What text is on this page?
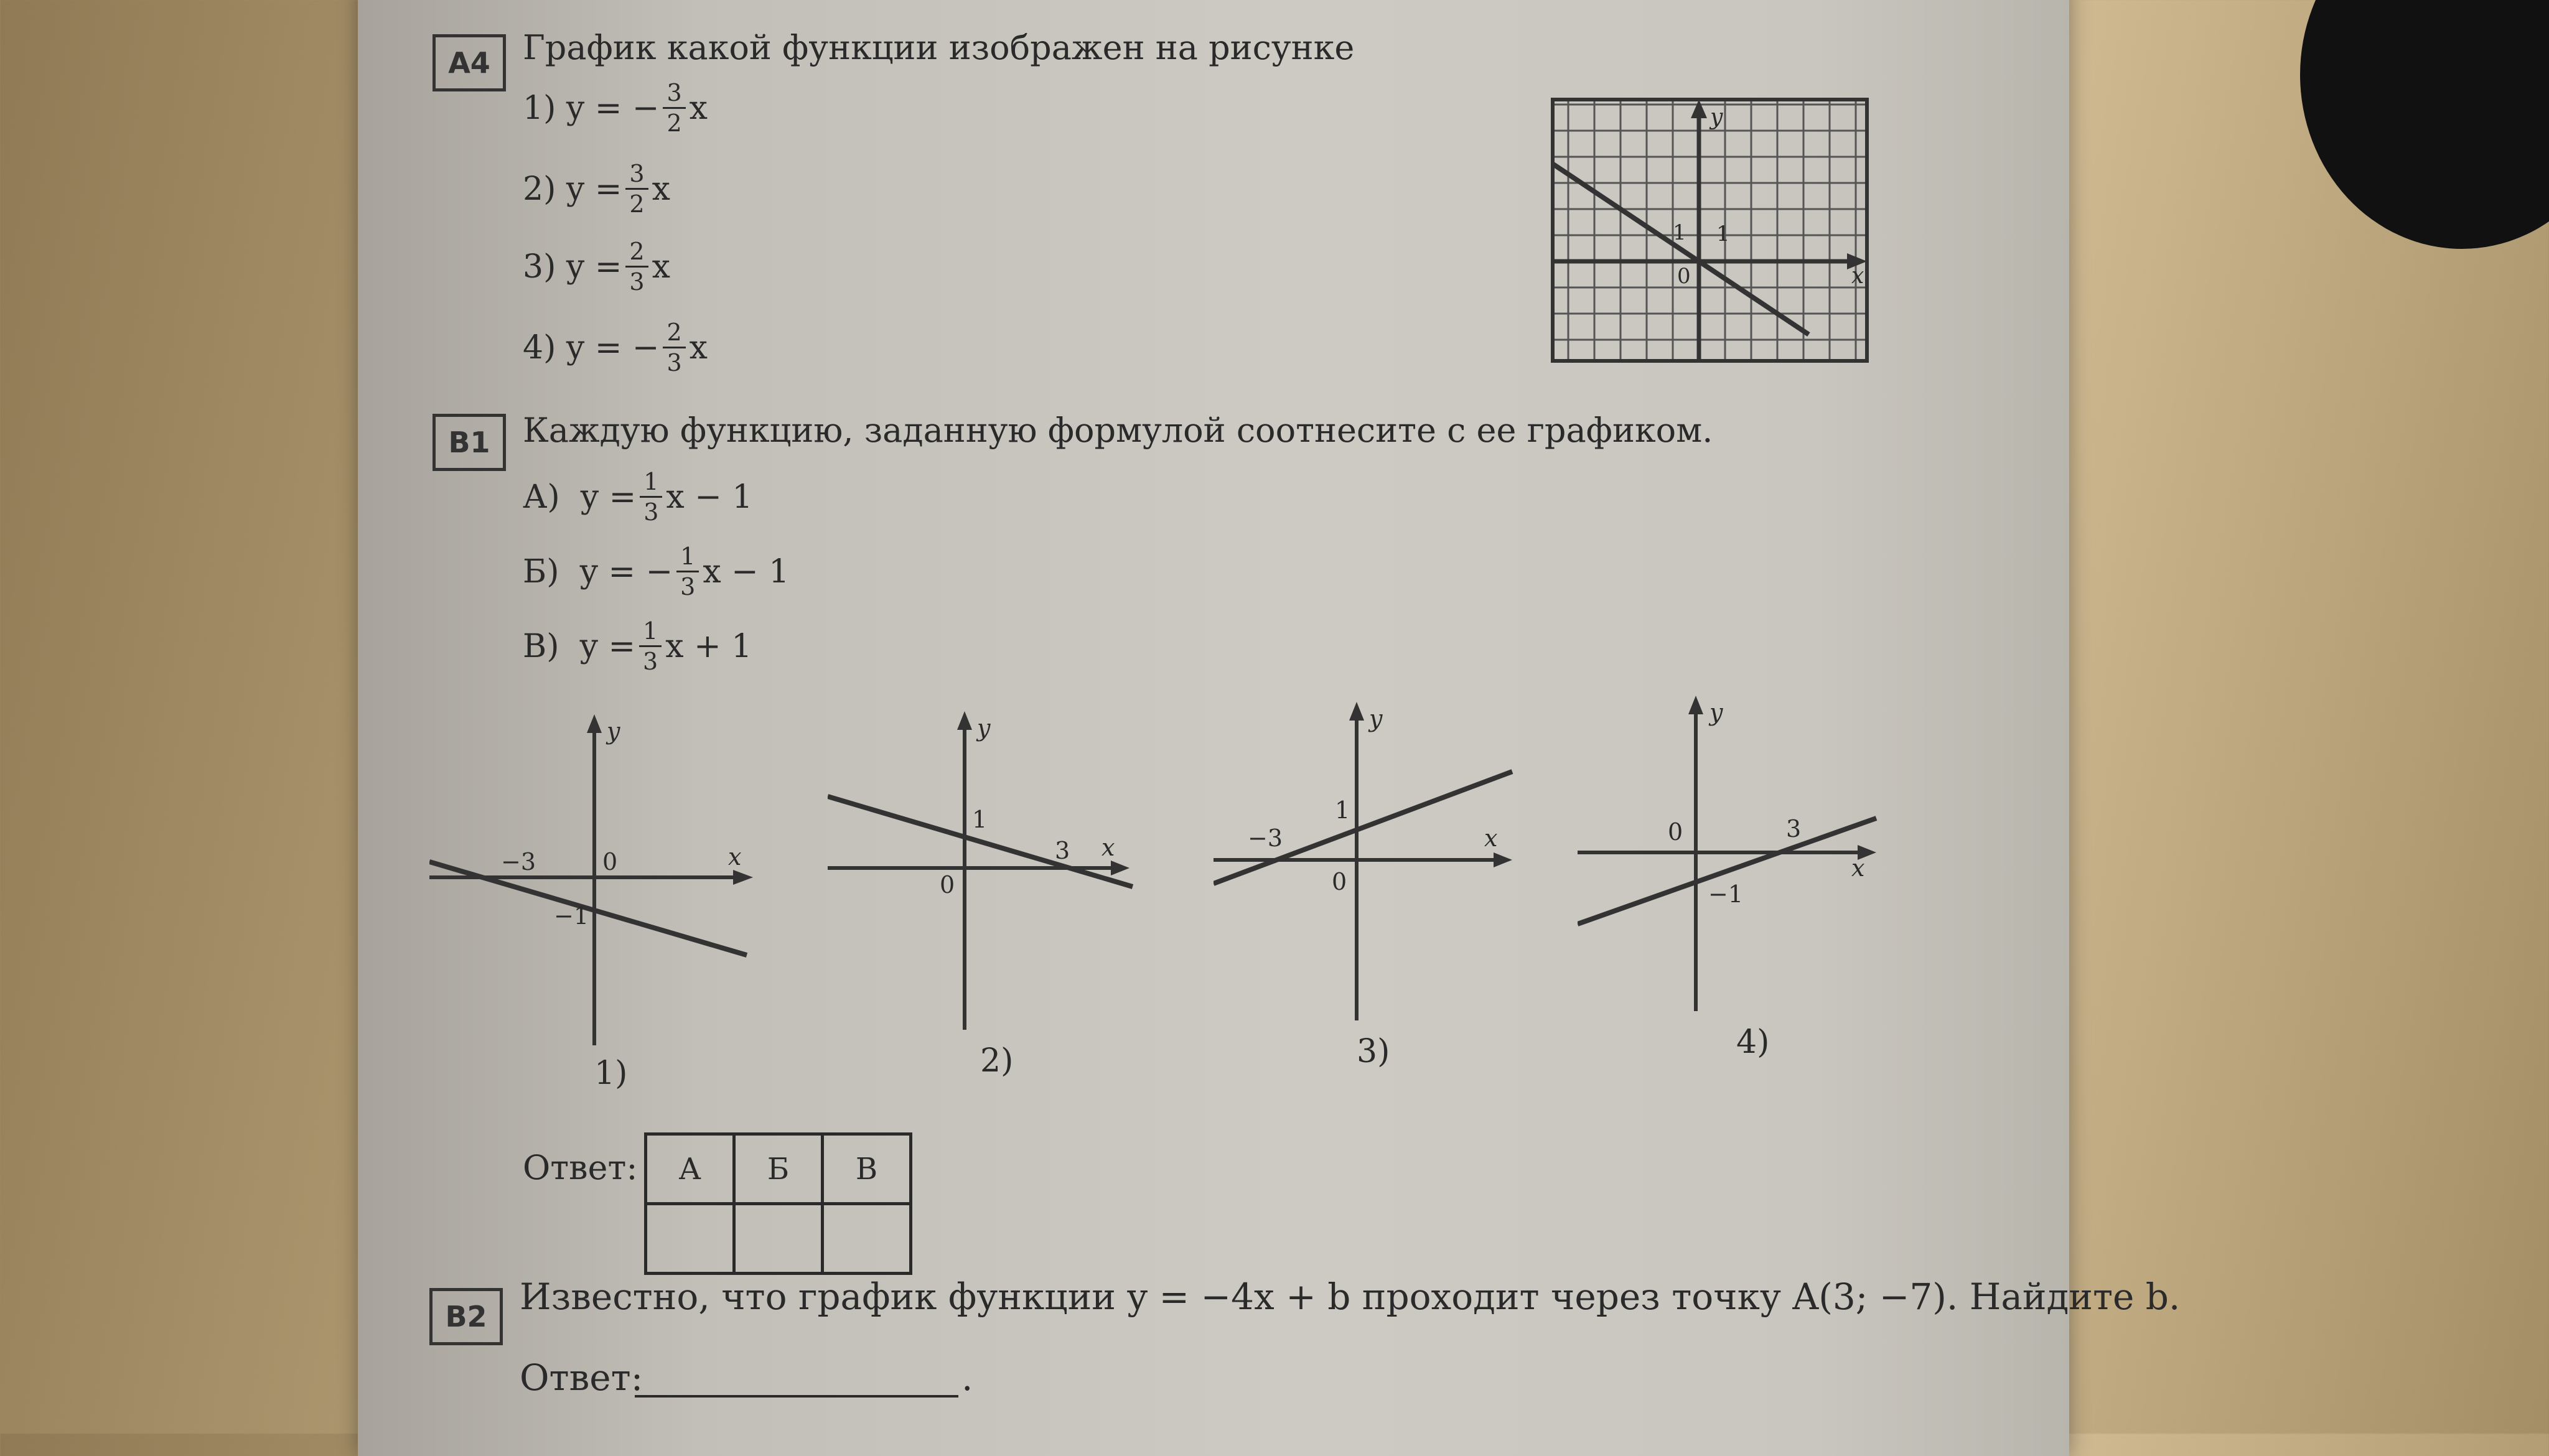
A4 График какой функции изображен на рисунке
1)
y = − $\frac{3}{2}$ x
2)
$y = \frac{3}{2}$ x
3)
$y = \frac{2}{3}$ x
4)
y = − $\frac{2}{3}$ x
y
x
0
1 1
B1 Каждую функцию, заданную формулой соотнесите с ее графиком.
А)
$y = \frac{1}{3}$ x − 1
Б)
y = − $\frac{1}{3}$ x − 1
В)
$y = \frac{1}{3}$ x + 1
−3	0	x
y
−1
1)
1
3 x
y
0
2)
−3
1
x
y
0
3)
0	3
x
y
−1
4)
Ответ: А	Б	В

B2 Известно, что график функции y = −4x + b проходит через точку A(3; −7). Найдите b.
Ответ:	.
